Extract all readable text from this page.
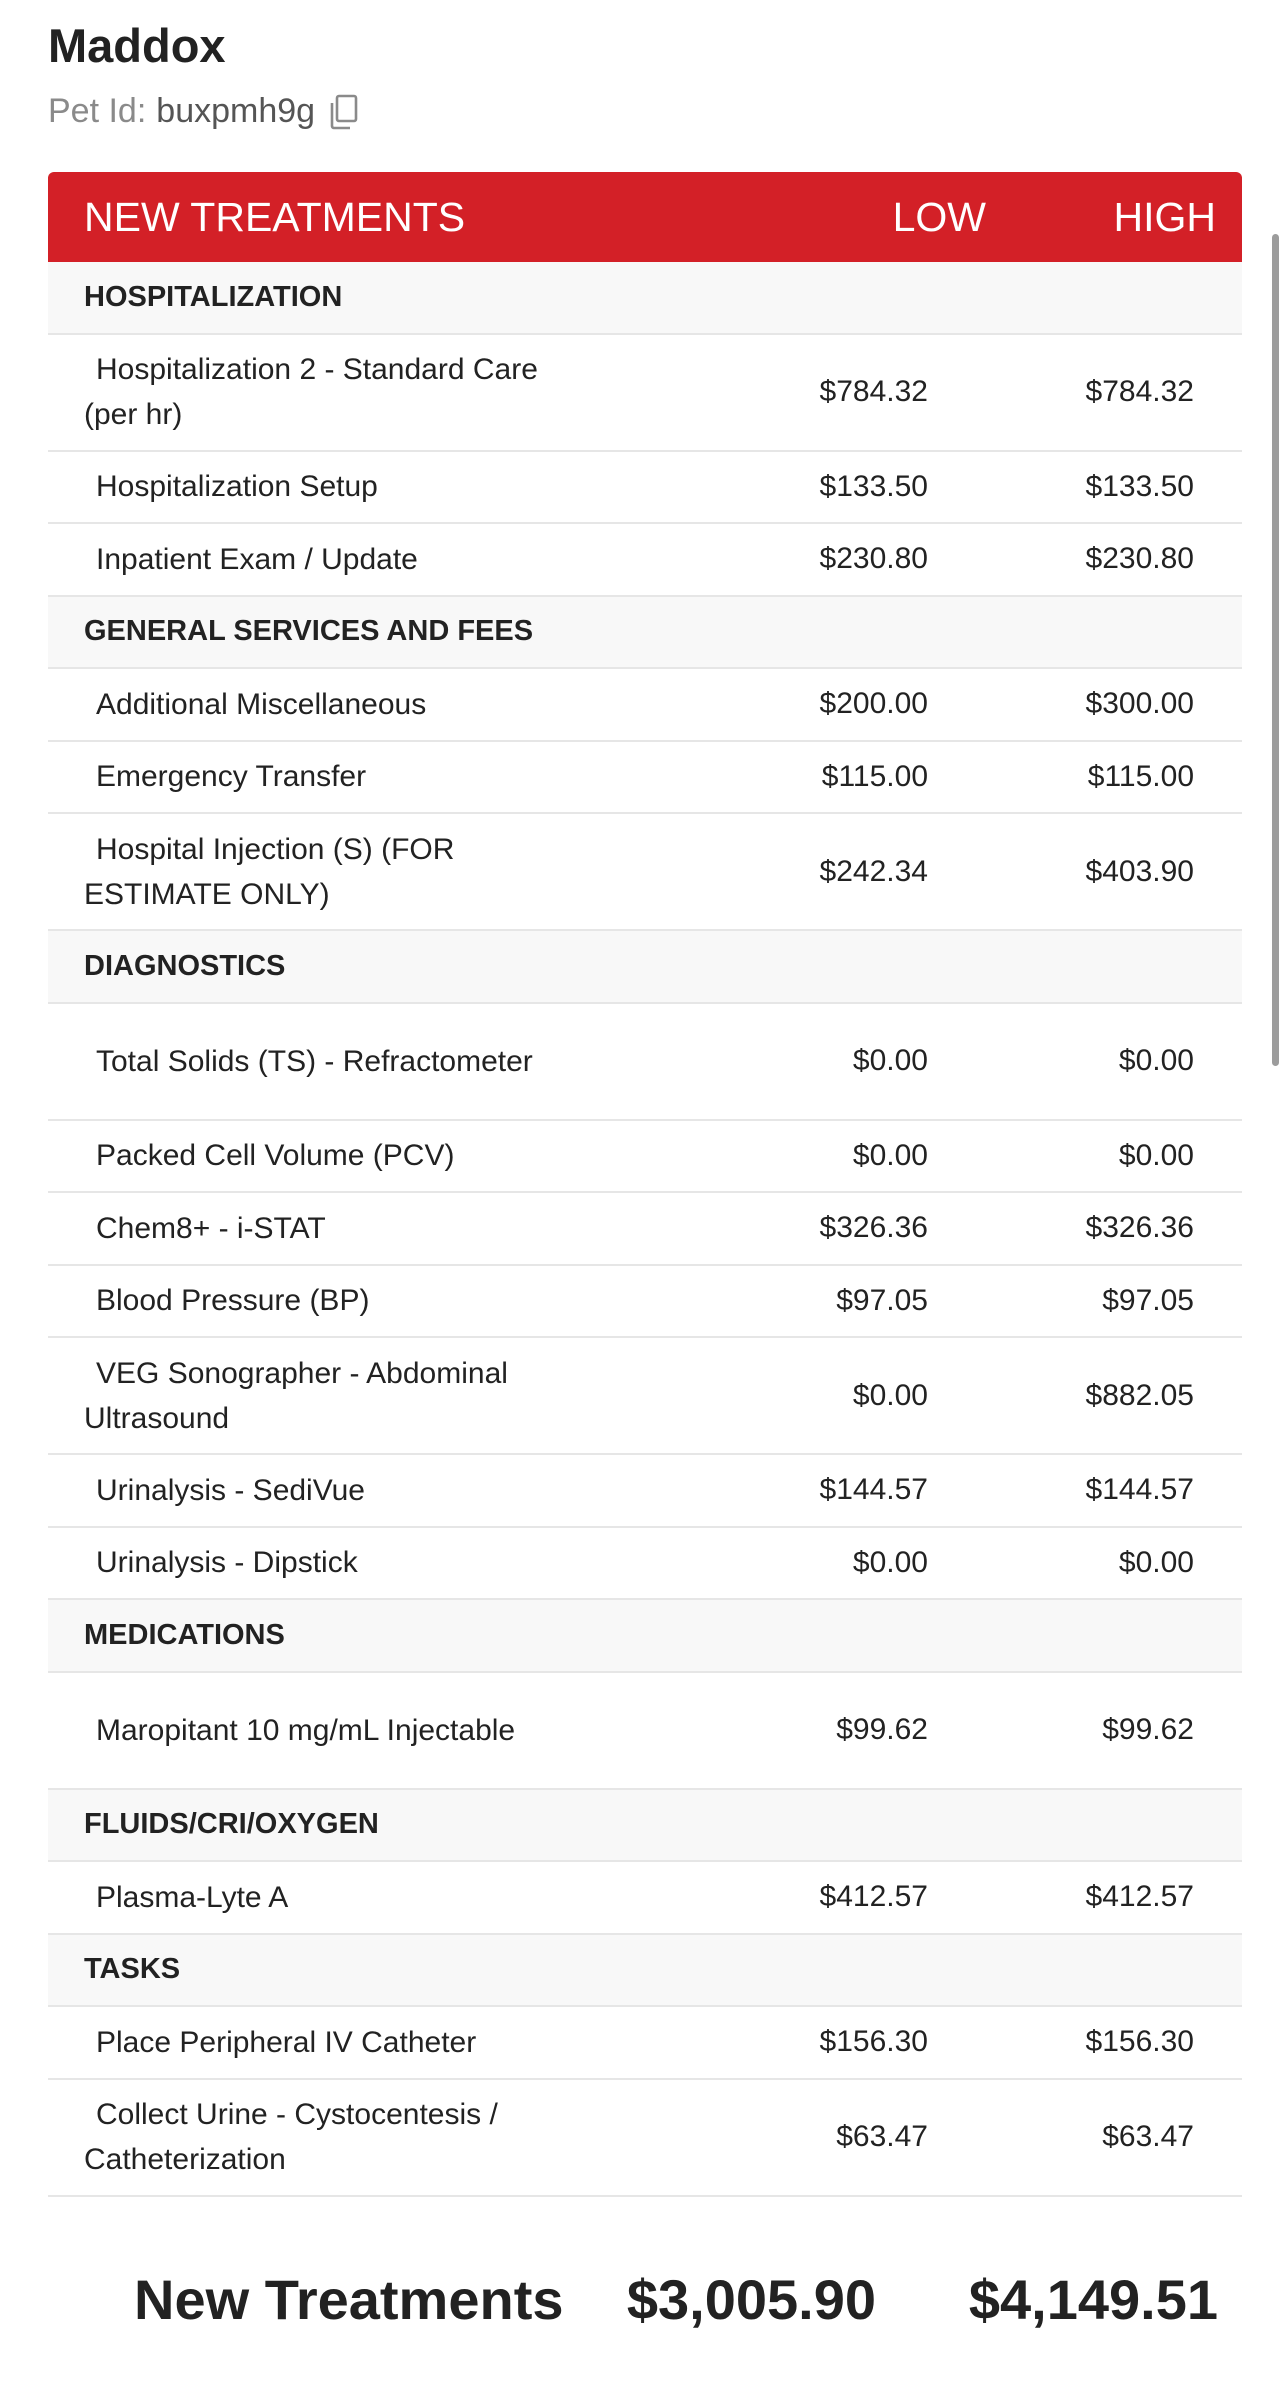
Maddox
Pet Id: buxpmh9g
NEW TREATMENTS	LOW	HIGH
HOSPITALIZATION
Hospitalization 2 - Standard Care (per hr)
$784.32	$784.32
Hospitalization Setup	$133.50	$133.50
Inpatient Exam / Update	$230.80	$230.80
GENERAL SERVICES AND FEES
Additional Miscellaneous	$200.00	$300.00
Emergency Transfer	$115.00	$115.00
Hospital Injection (S) (FOR ESTIMATE ONLY)
$242.34	$403.90
DIAGNOSTICS
Total Solids (TS) - Refractometer	$0.00	$0.00
Packed Cell Volume (PCV)	$0.00	$0.00
Chem8+ - i-STAT	$326.36	$326.36
Blood Pressure (BP)	$97.05	$97.05
VEG Sonographer - Abdominal Ultrasound
$0.00	$882.05
Urinalysis - SediVue	$144.57	$144.57
Urinalysis - Dipstick	$0.00	$0.00
MEDICATIONS
Maropitant 10 mg/mL Injectable	$99.62	$99.62
FLUIDS/CRI/OXYGEN
Plasma-Lyte A	$412.57	$412.57
TASKS
Place Peripheral IV Catheter	$156.30	$156.30
Collect Urine - Cystocentesis / Catheterization
$63.47	$63.47
New Treatments $3,005.90 $4,149.51
